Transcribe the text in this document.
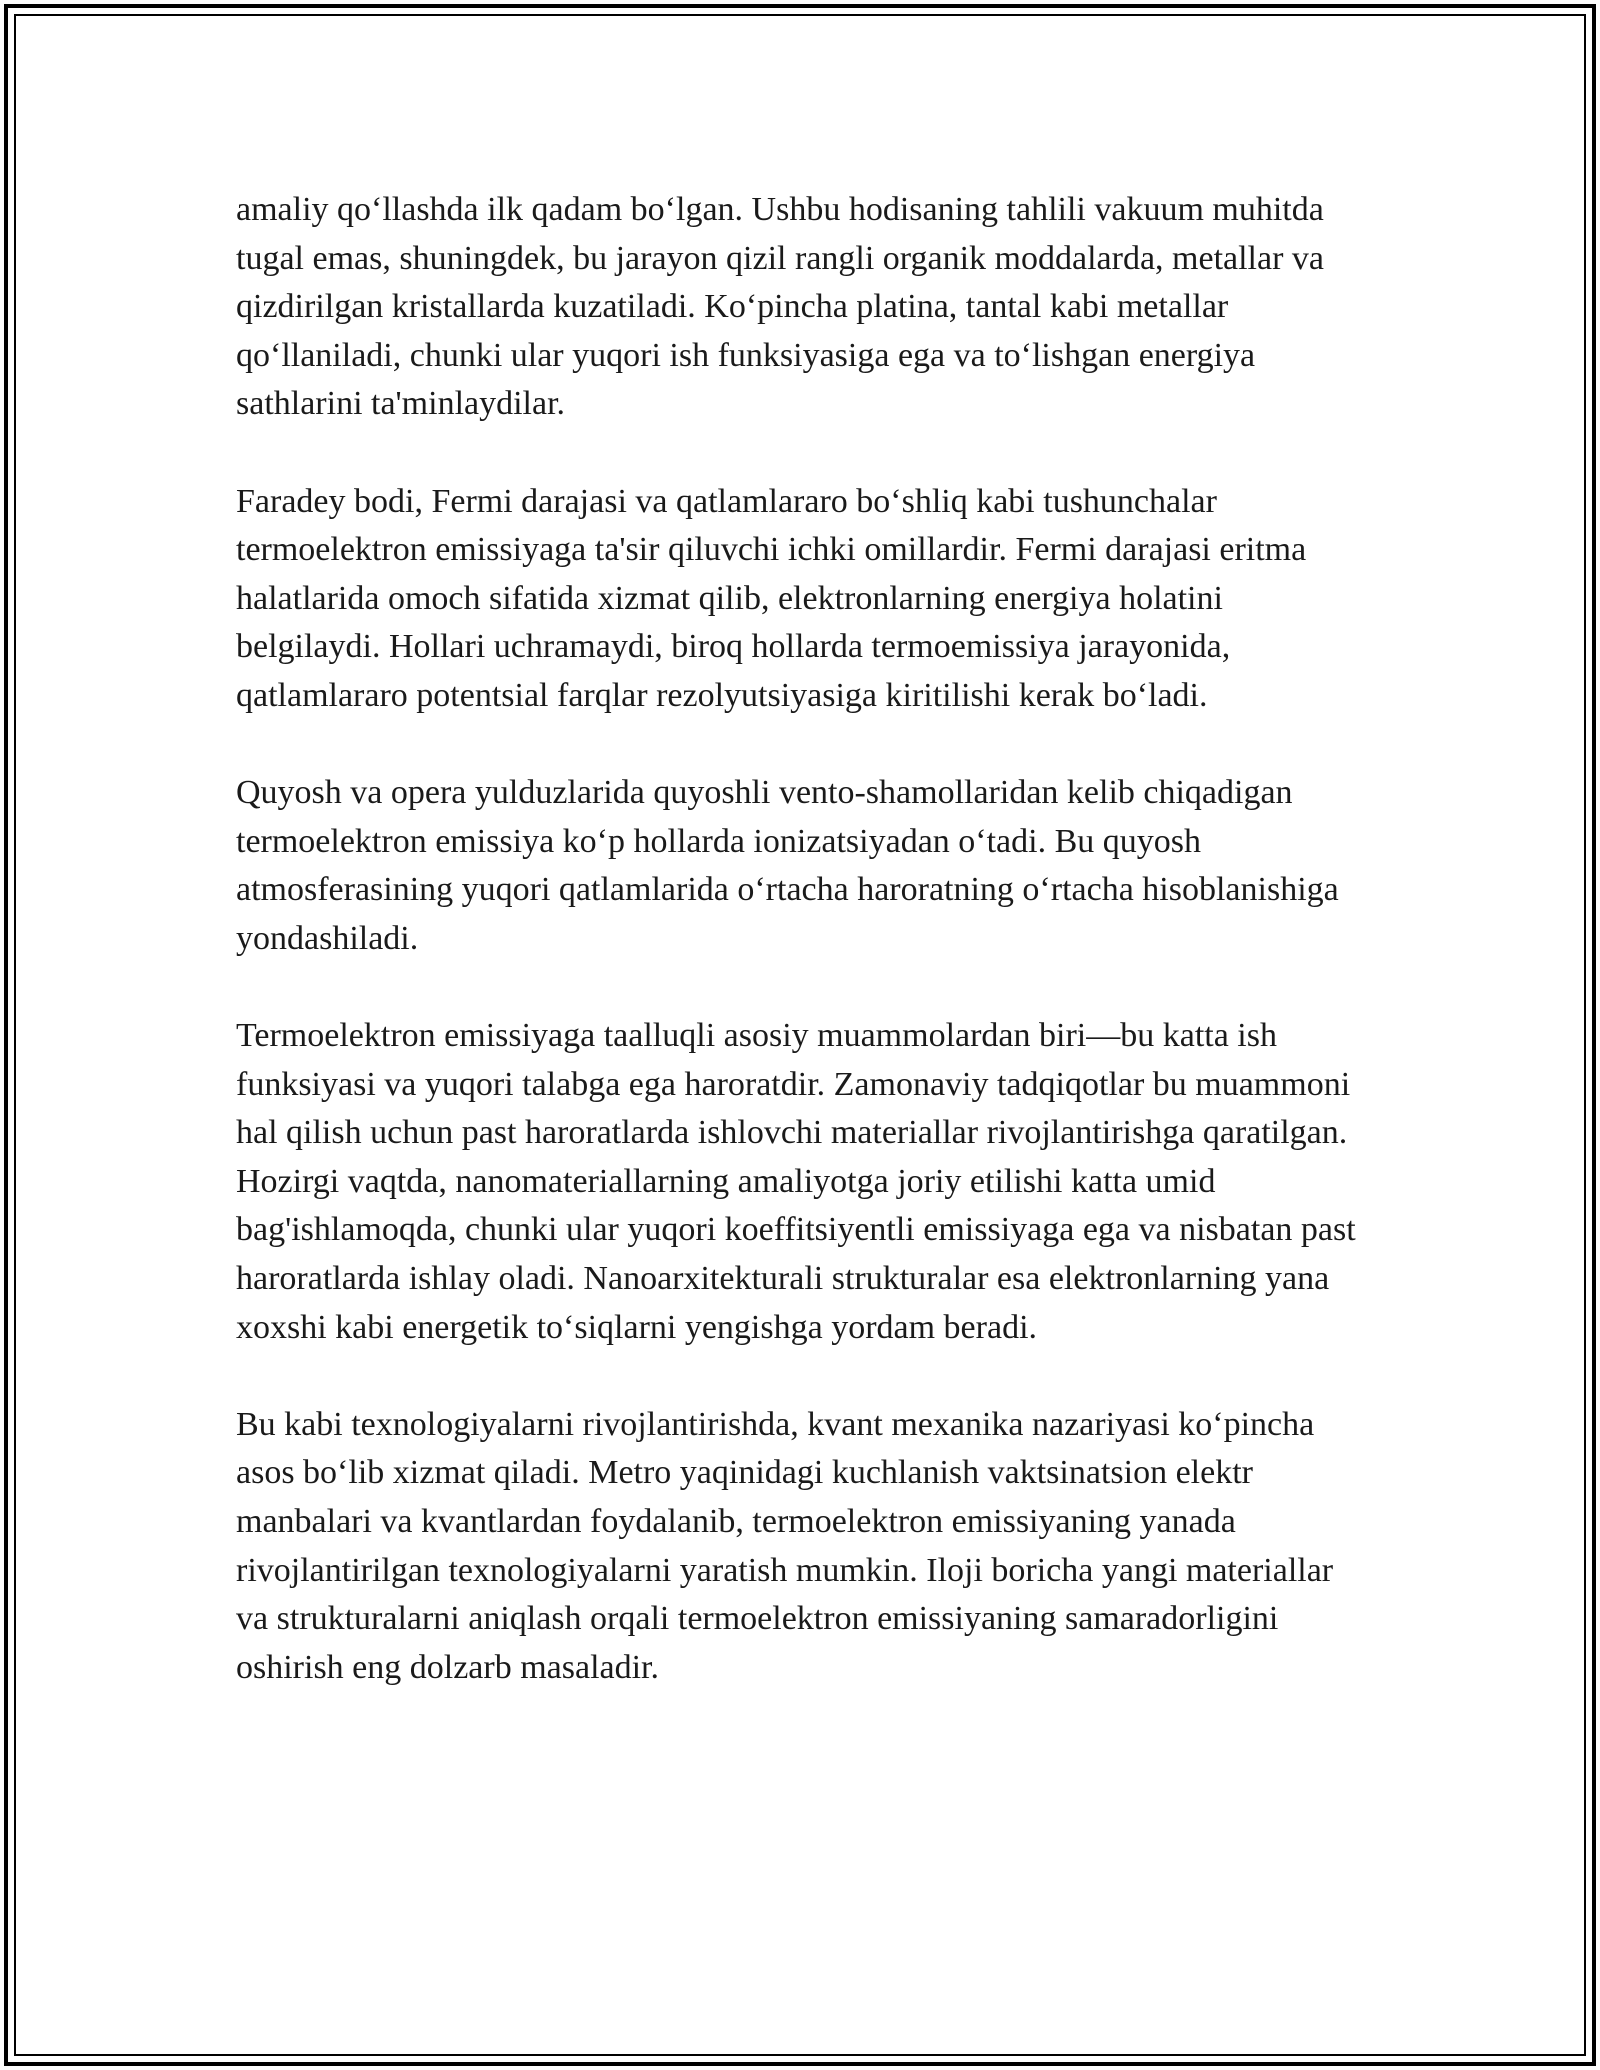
amaliy qo‘llashda ilk qadam bo‘lgan. Ushbu hodisaning tahlili vakuum muhitda tugal emas, shuningdek, bu jarayon qizil rangli organik moddalarda, metallar va qizdirilgan kristallarda kuzatiladi. Ko‘pincha platina, tantal kabi metallar qo‘llaniladi, chunki ular yuqori ish funksiyasiga ega va to‘lishgan energiya sathlarini ta'minlaydilar.

Faradey bodi, Fermi darajasi va qatlamlararo bo‘shliq kabi tushunchalar termoelektron emissiyaga ta'sir qiluvchi ichki omillardir. Fermi darajasi eritma halatlarida omoch sifatida xizmat qilib, elektronlarning energiya holatini belgilaydi. Hollari uchramaydi, biroq hollarda termoemissiya jarayonida, qatlamlararo potentsial farqlar rezolyutsiyasiga kiritilishi kerak bo‘ladi.

Quyosh va opera yulduzlarida quyoshli vento-shamollaridan kelib chiqadigan termoelektron emissiya ko‘p hollarda ionizatsiyadan o‘tadi. Bu quyosh atmosferasining yuqori qatlamlarida o‘rtacha haroratning o‘rtacha hisoblanishiga yondashiladi.

Termoelektron emissiyaga taalluqli asosiy muammolardan biri—bu katta ish funksiyasi va yuqori talabga ega haroratdir. Zamonaviy tadqiqotlar bu muammoni hal qilish uchun past haroratlarda ishlovchi materiallar rivojlantirishga qaratilgan. Hozirgi vaqtda, nanomateriallarning amaliyotga joriy etilishi katta umid bag'ishlamoqda, chunki ular yuqori koeffitsiyentli emissiyaga ega va nisbatan past haroratlarda ishlay oladi. Nanoarxitekturali strukturalar esa elektronlarning yana xoxshi kabi energetik to‘siqlarni yengishga yordam beradi.

Bu kabi texnologiyalarni rivojlantirishda, kvant mexanika nazariyasi ko‘pincha asos bo‘lib xizmat qiladi. Metro yaqinidagi kuchlanish vaktsinatsion elektr manbalari va kvantlardan foydalanib, termoelektron emissiyaning yanada rivojlantirilgan texnologiyalarni yaratish mumkin. Iloji boricha yangi materiallar va strukturalarni aniqlash orqali termoelektron emissiyaning samaradorligini oshirish eng dolzarb masaladir.
